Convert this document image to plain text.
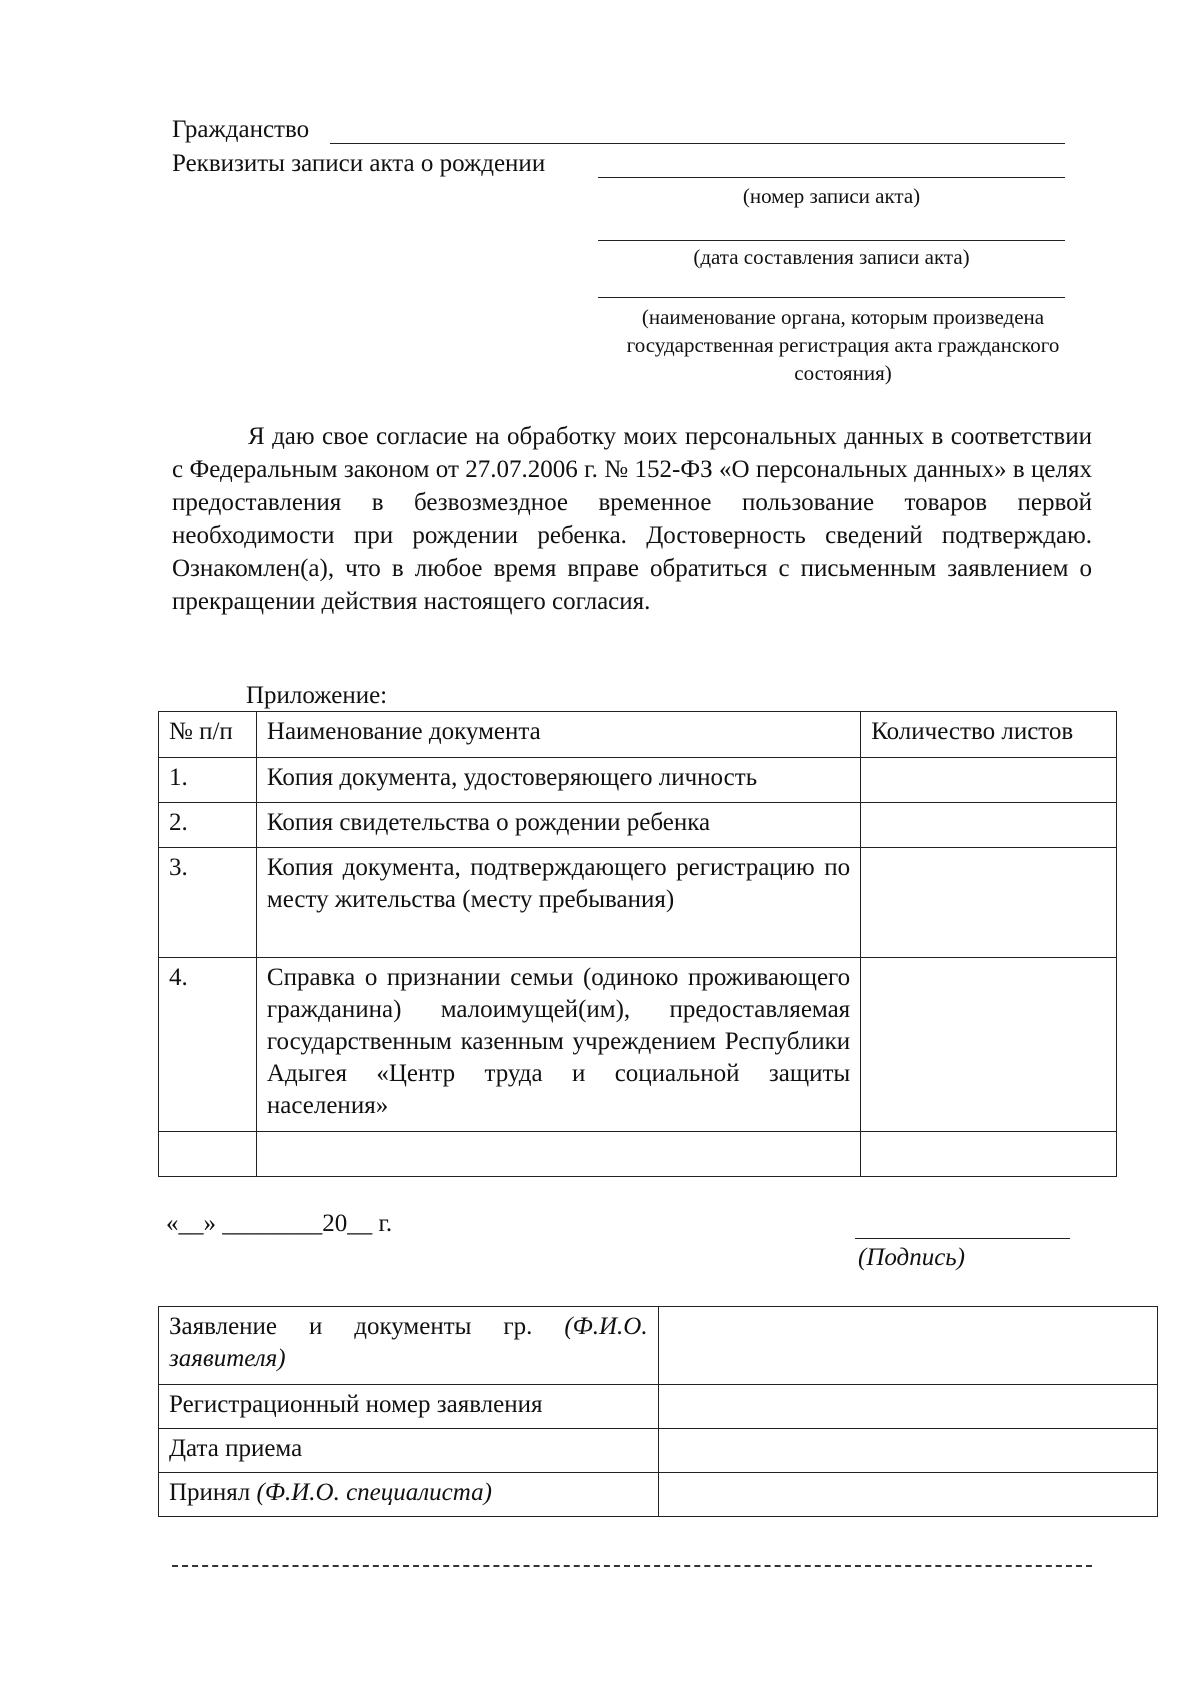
Гражданство
Реквизиты записи акта о рождении
(номер записи акта)
(дата составления записи акта)
(наименование органа, которым произведена государственная регистрация акта гражданского состояния)
Я даю свое согласие на обработку моих персональных данных в соответствии с Федеральным законом от 27.07.2006 г. № 152-ФЗ «О персональных данных» в целях предоставления в безвозмездное временное пользование товаров первой необходимости при рождении ребенка. Достоверность сведений подтверждаю. Ознакомлен(а), что в любое время вправе обратиться с письменным заявлением о прекращении действия настоящего согласия.
Приложение:
№ п/п	Наименование документа	Количество листов
1.	Копия документа, удостоверяющего личность	
2.	Копия свидетельства о рождении ребенка	
3.	Копия документа, подтверждающего регистрацию по месту жительства (месту пребывания)	
4.	Справка о признании семьи (одиноко проживающего гражданина) малоимущей(им), предоставляемая государственным казенным учреждением Республики Адыгея «Центр труда и социальной защиты населения»	

«__» ________20__ г.
(Подпись)
Заявление и документы гр. (Ф.И.О. заявителя)	
Регистрационный номер заявления	
Дата приема	
Принял (Ф.И.О. специалиста)	
